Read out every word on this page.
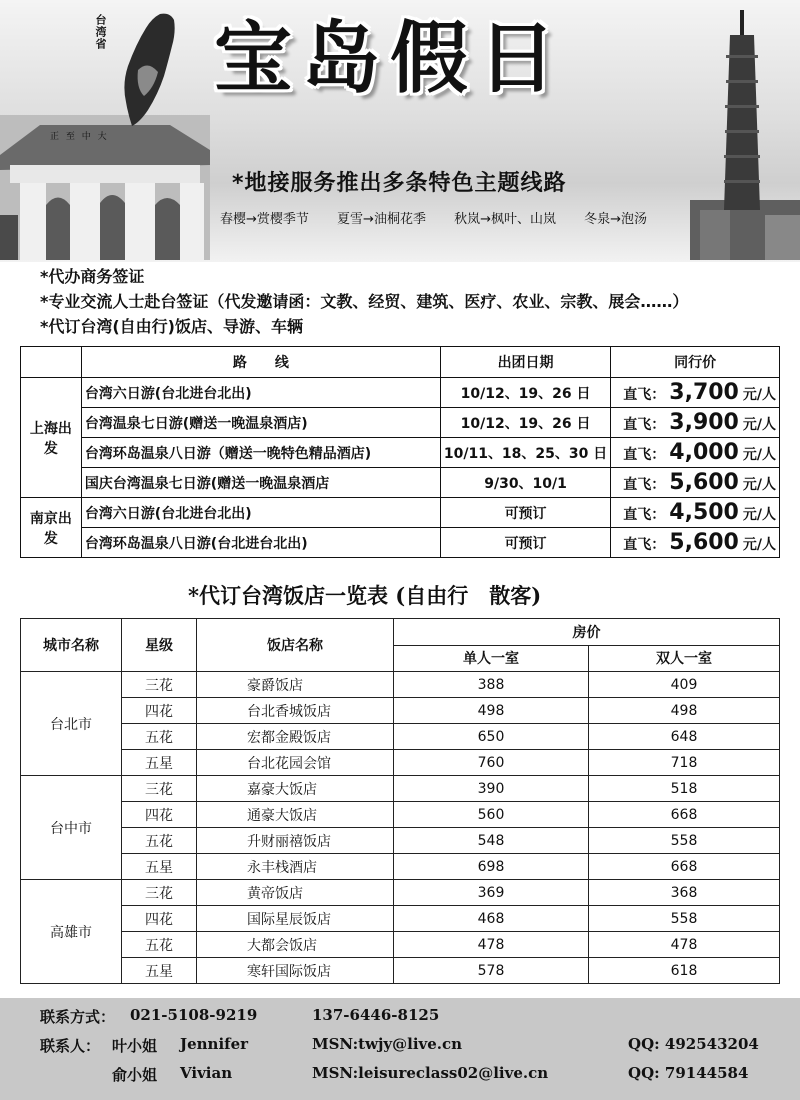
正 至 中 大
台湾省 宝岛假日
*地接服务推出多条特色主题线路
春樱→赏樱季节 夏雪→油桐花季 秋岚→枫叶、山岚 冬泉→泡汤
*代办商务签证
*专业交流人士赴台签证（代发邀请函：文教、经贸、建筑、医疗、农业、宗教、展会……）
*代订台湾(自由行)饭店、导游、车辆
	路　　线	出团日期	同行价
上海出发	台湾六日游(台北进台北出)	10/12、19、26 日	直飞： 3,700 元/人
	台湾温泉七日游(赠送一晚温泉酒店)	10/12、19、26 日	直飞： 3,900 元/人
	台湾环岛温泉八日游（赠送一晚特色精品酒店)	10/11、18、25、30 日	直飞： 4,000 元/人
	国庆台湾温泉七日游(赠送一晚温泉酒店	9/30、10/1	直飞： 5,600 元/人
南京出发	台湾六日游(台北进台北出)	可预订	直飞： 4,500 元/人
	台湾环岛温泉八日游(台北进台北出)	可预订	直飞： 5,600 元/人
*代订台湾饭店一览表 (自由行　散客)
城市名称	星级	饭店名称	房价	
			单人一室	双人一室
台北市	三花	豪爵饭店	388	409
	四花	台北香城饭店	498	498
	五花	宏都金殿饭店	650	648
	五星	台北花园会馆	760	718
台中市	三花	嘉豪大饭店	390	518
	四花	通豪大饭店	560	668
	五花	升财丽禧饭店	548	558
	五星	永丰栈酒店	698	668
高雄市	三花	黄帝饭店	369	368
	四花	国际星辰饭店	468	558
	五花	大都会饭店	478	478
	五星	寒轩国际饭店	578	618
联系方式： 021-5108-9219	137-6446-8125
联系人： 叶小姐 Jennifer	MSN:twjy@live.cn	QQ: 492543204
俞小姐 Vivian	MSN:leisureclass02@live.cn	QQ: 79144584
